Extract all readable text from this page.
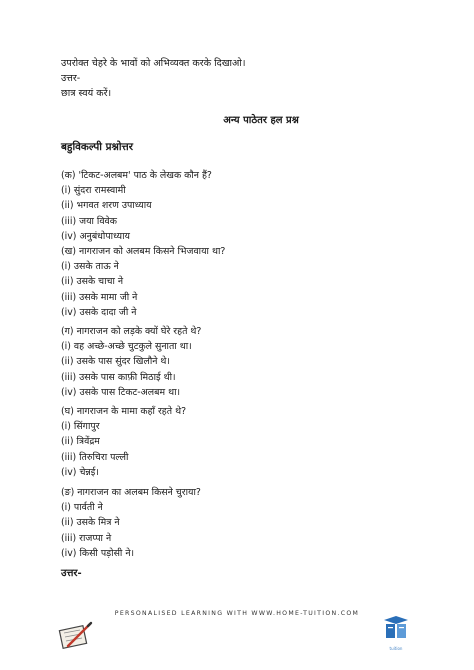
उपरोक्त चेहरे के भावों को अभिव्यक्त करके दिखाओ।
उत्तर-
छात्र स्वयं करें।
अन्य पाठेतर हल प्रश्न
बहुविकल्पी प्रश्नोत्तर
(क) 'टिकट-अलबम' पाठ के लेखक कौन हैं?
(i) सुंदरा रामस्वामी
(ii) भगवत शरण उपाध्याय
(iii) जया विवेक
(iv) अनुबंधोपाध्याय
(ख) नागराजन को अलबम किसने भिजवाया था?
(i) उसके ताऊ ने
(ii) उसके चाचा ने
(iii) उसके मामा जी ने
(iv) उसके दादा जी ने
(ग) नागराजन को लड़के क्यों घेरे रहते थे?
(i) वह अच्छे-अच्छे चुटकुले सुनाता था।
(ii) उसके पास सुंदर खिलौने थे।
(iii) उसके पास काफ़ी मिठाई थी।
(iv) उसके पास टिकट-अलबम था।
(घ) नागराजन के मामा कहाँ रहते थे?
(i) सिंगापुर
(ii) त्रिवेंद्रम
(iii) तिरुचिरा पल्ली
(iv) चेन्नई।
(ङ) नागराजन का अलबम किसने चुराया?
(i) पार्वती ने
(ii) उसके मित्र ने
(iii) राजप्पा ने
(iv) किसी पड़ोसी ने।
उत्तर-
PERSONALISED LEARNING WITH WWW.HOME-TUITION.COM
tuition
